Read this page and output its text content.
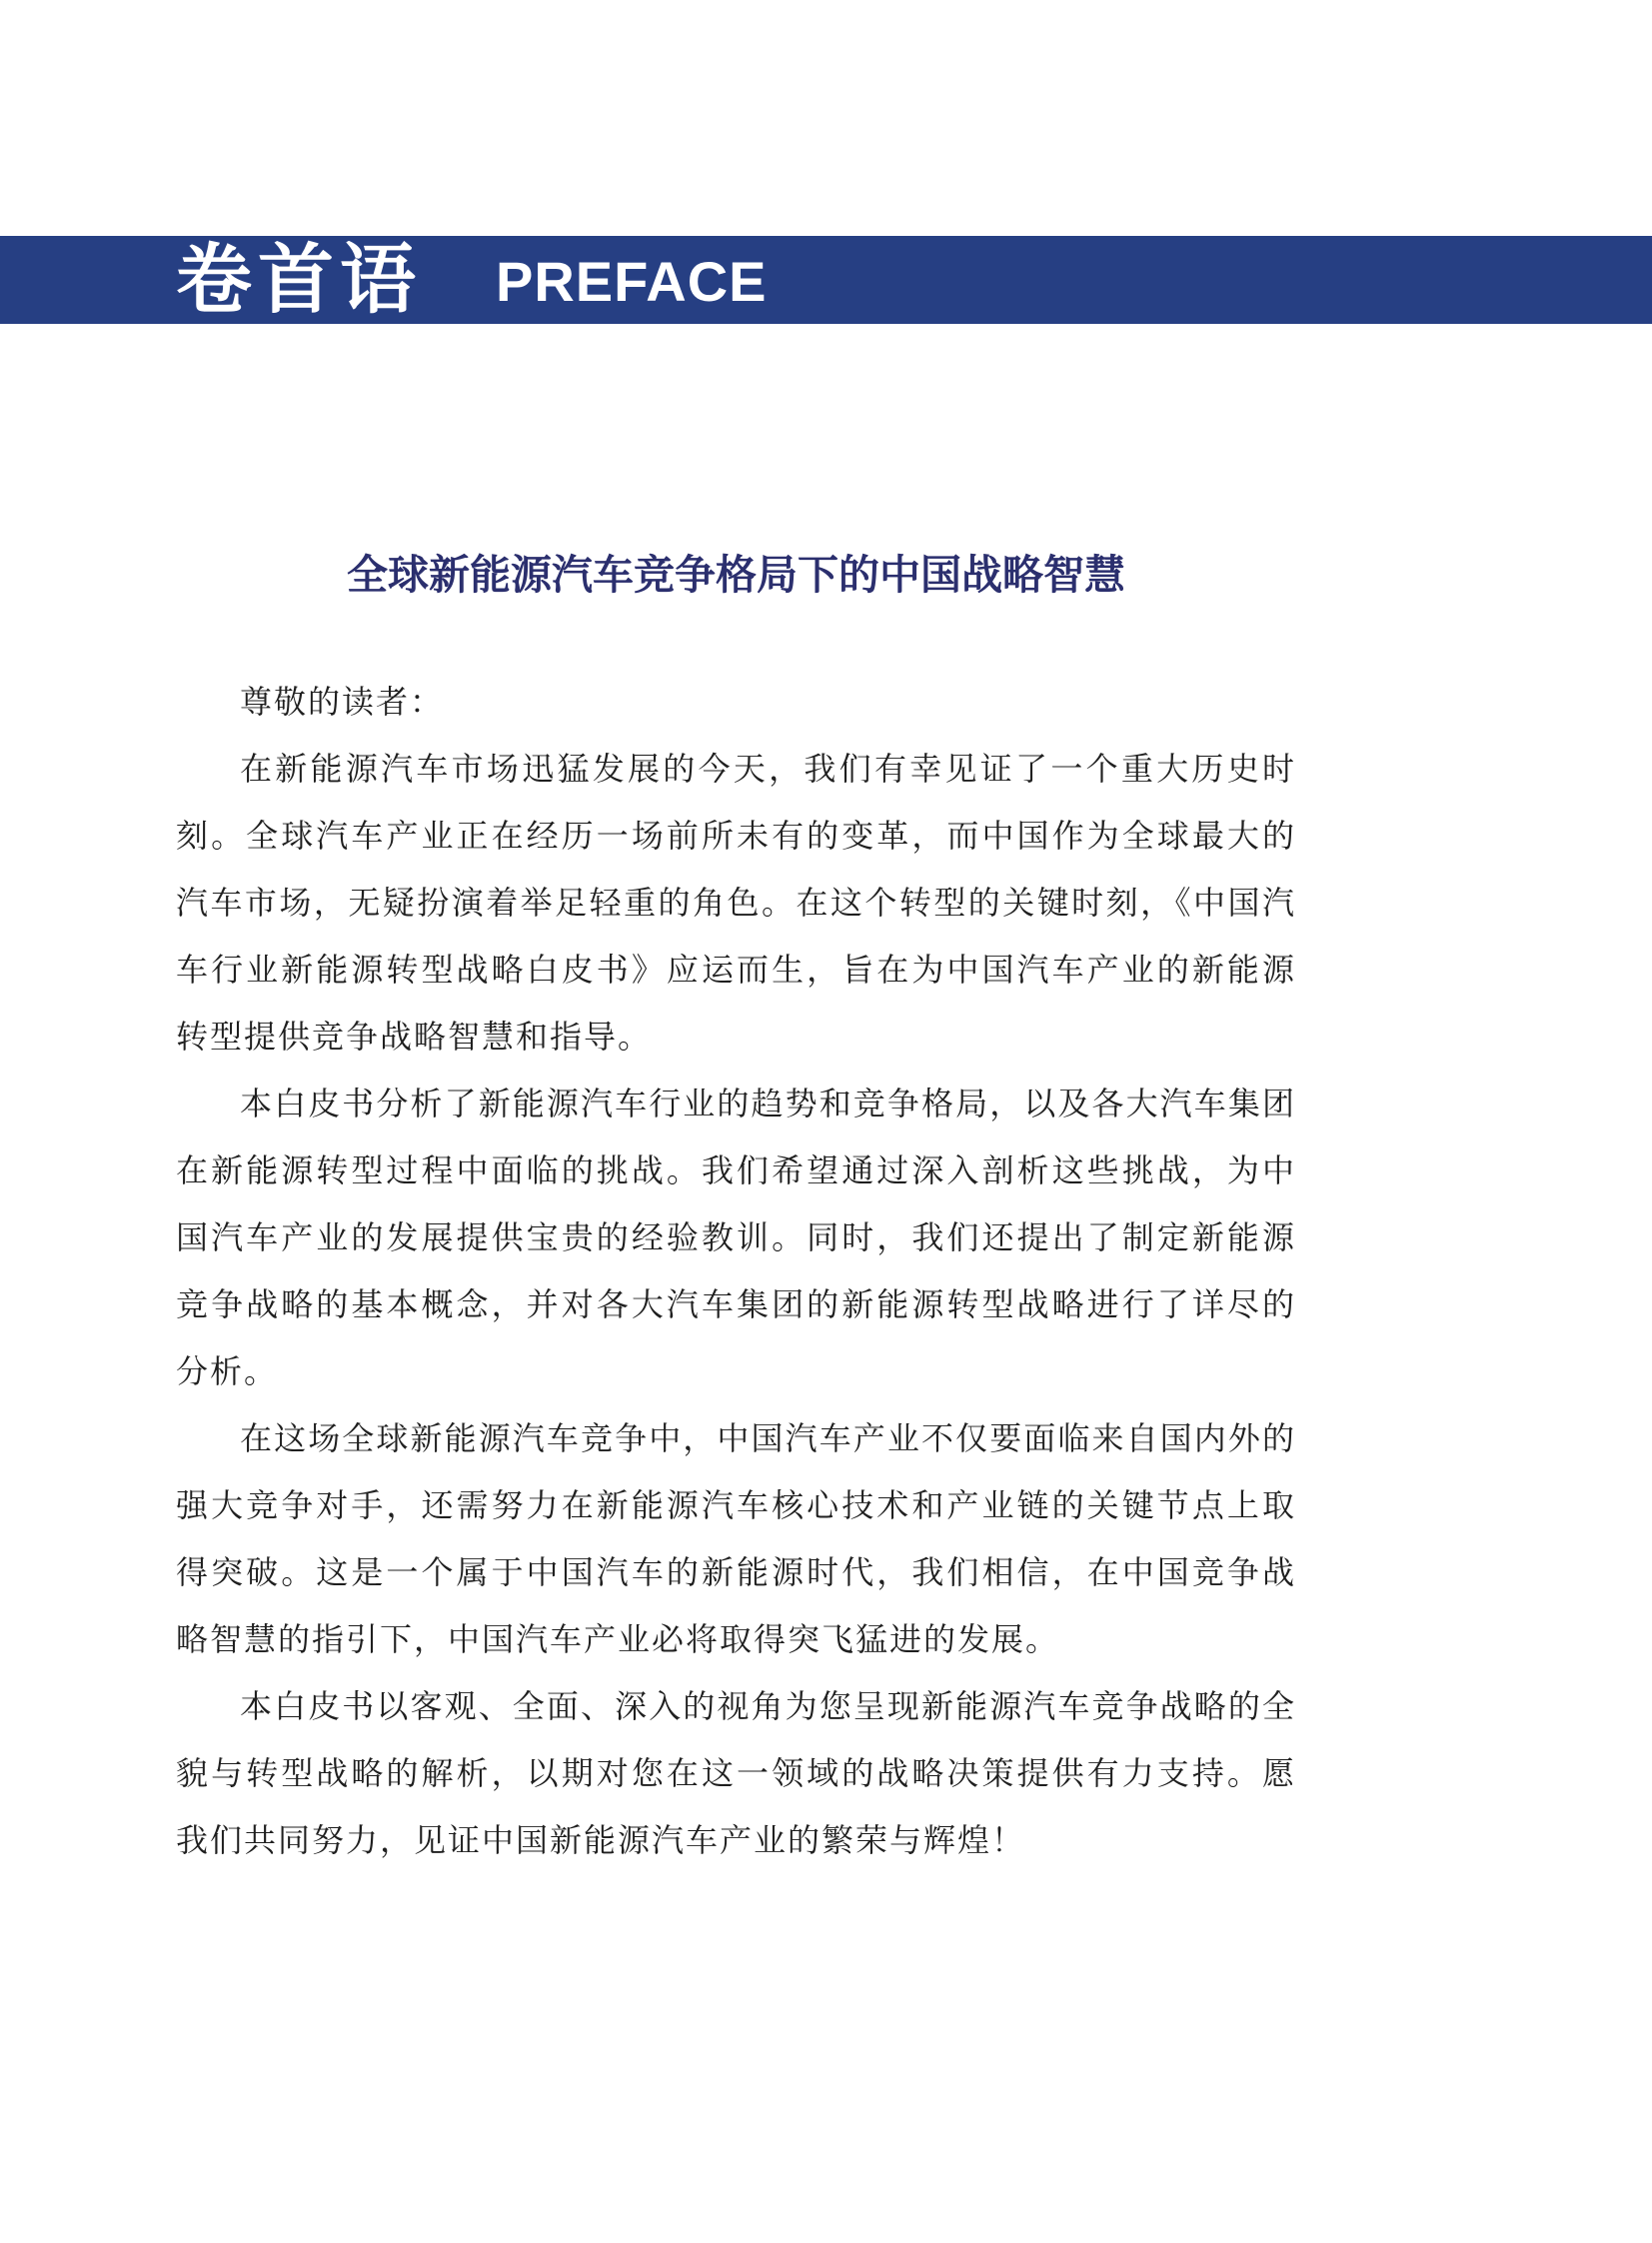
卷首语 PREFACE
全球新能源汽车竞争格局下的中国战略智慧

尊敬的读者：

在新能源汽车市场迅猛发展的今天，我们有幸见证了一个重大历史时刻。全球汽车产业正在经历一场前所未有的变革，而中国作为全球最大的汽车市场，无疑扮演着举足轻重的角色。在这个转型的关键时刻，《中国汽车行业新能源转型战略白皮书》应运而生，旨在为中国汽车产业的新能源转型提供竞争战略智慧和指导。

本白皮书分析了新能源汽车行业的趋势和竞争格局，以及各大汽车集团在新能源转型过程中面临的挑战。我们希望通过深入剖析这些挑战，为中国汽车产业的发展提供宝贵的经验教训。同时，我们还提出了制定新能源竞争战略的基本概念，并对各大汽车集团的新能源转型战略进行了详尽的分析。

在这场全球新能源汽车竞争中，中国汽车产业不仅要面临来自国内外的强大竞争对手，还需努力在新能源汽车核心技术和产业链的关键节点上取得突破。这是一个属于中国汽车的新能源时代，我们相信，在中国竞争战略智慧的指引下，中国汽车产业必将取得突飞猛进的发展。

本白皮书以客观、全面、深入的视角为您呈现新能源汽车竞争战略的全貌与转型战略的解析，以期对您在这一领域的战略决策提供有力支持。愿我们共同努力，见证中国新能源汽车产业的繁荣与辉煌！
